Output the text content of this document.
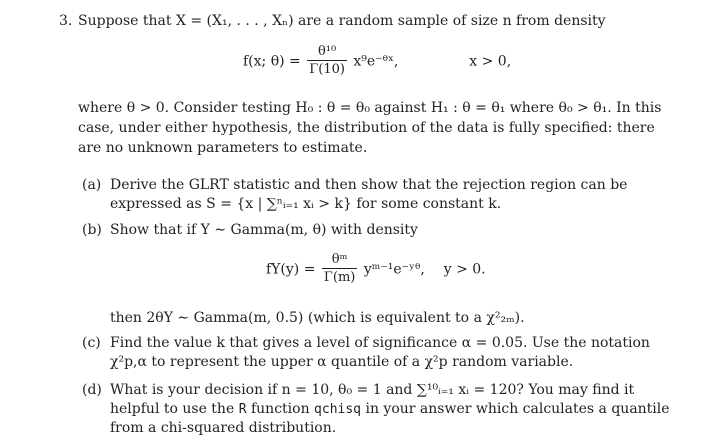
3. Suppose that X = (X₁, . . . , Xₙ) are a random sample of size n from density
f(x; $\theta) = \frac{\text{θ¹⁰}}{\Gamma(10)}$ x⁹e⁻ᶿˣ,	x > 0,
where θ > 0. Consider testing H₀ : θ = θ₀ against H₁ : θ = θ₁ where θ₀ > θ₁. In this
case, under either hypothesis, the distribution of the data is fully specified: there
are no unknown parameters to estimate.
(a) Derive the GLRT statistic and then show that the rejection region can be
expressed as S = {x | ∑ⁿᵢ₌₁ xᵢ > k} for some constant k.
(b) Show that if Y ∼ Gamma(m, θ) with density
$fY(y) = \frac{\text{θᵐ}}{\Gamma(m)}$ yᵐ⁻¹e⁻ʸᶿ, y > 0.
then 2θY ∼ Gamma(m, 0.5) (which is equivalent to a χ²₂ₘ).
(c) Find the value k that gives a level of significance α = 0.05. Use the notation
χ²p,α to represent the upper α quantile of a χ²p random variable.
(d) What is your decision if n = 10, θ₀ = 1 and ∑¹⁰ᵢ₌₁ xᵢ = 120? You may find it
helpful to use the R function qchisq in your answer which calculates a quantile
from a chi-squared distribution.
